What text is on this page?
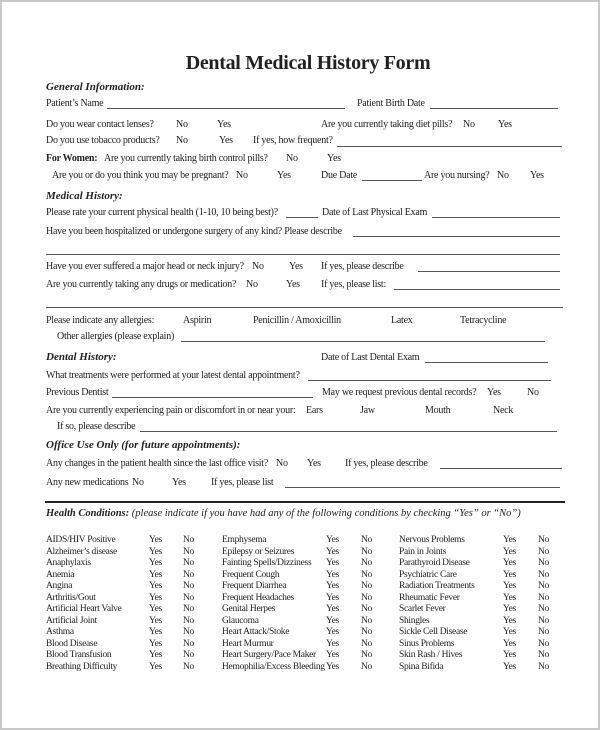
Dental Medical History Form
General Information:
Patient’s Name	Patient Birth Date
Do you wear contact lenses? No	Yes	Are you currently taking diet pills? No Yes
Do you use tobacco products? No	Yes If yes, how frequent?
For Women: Are you currently taking birth control pills? No	Yes
Are you or do you think you may be pregnant? No	Yes	Due Date	Are you nursing? No Yes
Medical History:
Please rate your current physical health (1-10, 10 being best)?	Date of Last Physical Exam
Have you been hospitalized or undergone surgery of any kind? Please describe
Have you ever suffered a major head or neck injury? No	Yes If yes, please describe
Are you currently taking any drugs or medication? No	Yes If yes, please list:
Please indicate any allergies:	Aspirin	Penicillin / Amoxicillin	Latex	Tetracycline
Other allergies (please explain)
Dental History:	Date of Last Dental Exam
What treatments were performed at your latest dental appointment?
Previous Dentist	May we request previous dental records? Yes	No
Are you currently experiencing pain or discomfort in or near your: Ears	Jaw	Mouth	Neck
If so, please describe
Office Use Only (for future appointments):
Any changes in the patient health since the last office visit? No Yes If yes, please describe
Any new medications No	Yes	If yes, please list
Health Conditions: (please indicate if you have had any of the following conditions by checking “Yes” or “No”)
AIDS/HIV Positive	Yes No
Alzheimer’s disease	Yes No
Anaphylaxis	Yes No
Anemia	Yes No
Angina	Yes No
Arthritis/Gout	Yes No
Artificial Heart Valve	Yes No
Artificial Joint	Yes No
Asthma	Yes No
Blood Disease	Yes No
Blood Transfusion	Yes No
Breathing Difficulty	Yes No
Emphysema	Yes No
Epilepsy or Seizures	Yes No
Fainting Spells/Dizziness Yes No
Frequent Cough	Yes No
Frequent Diarrhea	Yes No
Frequent Headaches	Yes No
Genital Herpes	Yes No
Glaucoma	Yes No
Heart Attack/Stoke	Yes No
Heart Murmur	Yes No
Heart Surgery/Pace Maker Yes No
Hemophilia/Excess Bleeding Yes No
Nervous Problems	Yes No
Pain in Joints	Yes No
Parathyroid Disease	Yes No
Psychiatric Care	Yes No
Radiation Treatments	Yes No
Rheumatic Fever	Yes No
Scarlet Fever	Yes No
Shingles	Yes No
Sickle Cell Disease	Yes No
Sinus Problems	Yes No
Skin Rash / Hives	Yes No
Spina Bifida	Yes No
